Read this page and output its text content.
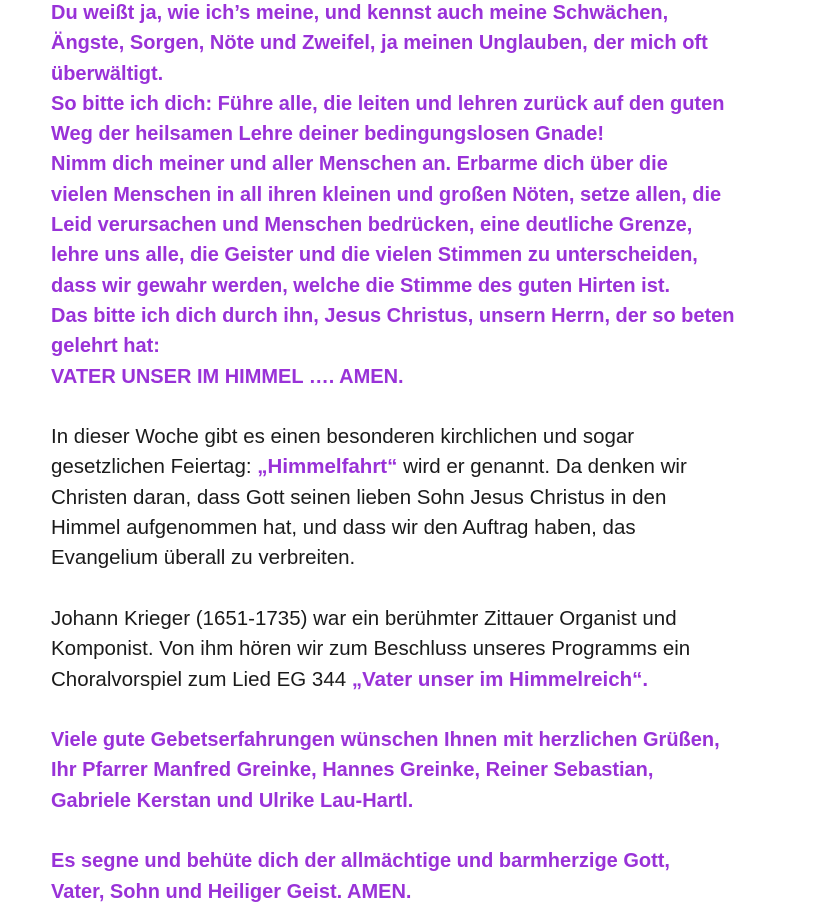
Du weißt ja, wie ich’s meine, und kennst auch meine Schwächen,
Ängste, Sorgen, Nöte und Zweifel, ja meinen Unglauben, der mich oft
überwältigt.
So bitte ich dich: Führe alle, die leiten und lehren zurück auf den guten
Weg der heilsamen Lehre deiner bedingungslosen Gnade!
Nimm dich meiner und aller Menschen an. Erbarme dich über die
vielen Menschen in all ihren kleinen und großen Nöten, setze allen, die
Leid verursachen und Menschen bedrücken, eine deutliche Grenze,
lehre uns alle, die Geister und die vielen Stimmen zu unterscheiden,
dass wir gewahr werden, welche die Stimme des guten Hirten ist.
Das bitte ich dich durch ihn, Jesus Christus, unsern Herrn, der so beten
gelehrt hat:
VATER UNSER IM HIMMEL …. AMEN.
In dieser Woche gibt es einen besonderen kirchlichen und sogar
gesetzlichen Feiertag: „Himmelfahrt“ wird er genannt. Da denken wir
Christen daran, dass Gott seinen lieben Sohn Jesus Christus in den
Himmel aufgenommen hat, und dass wir den Auftrag haben, das
Evangelium überall zu verbreiten.
Johann Krieger (1651-1735) war ein berühmter Zittauer Organist und
Komponist. Von ihm hören wir zum Beschluss unseres Programms ein
Choralvorspiel zum Lied EG 344 „Vater unser im Himmelreich“.
Viele gute Gebetserfahrungen wünschen Ihnen mit herzlichen Grüßen,
Ihr Pfarrer Manfred Greinke, Hannes Greinke, Reiner Sebastian,
Gabriele Kerstan und Ulrike Lau-Hartl.
Es segne und behüte dich der allmächtige und barmherzige Gott,
Vater, Sohn und Heiliger Geist. AMEN.
